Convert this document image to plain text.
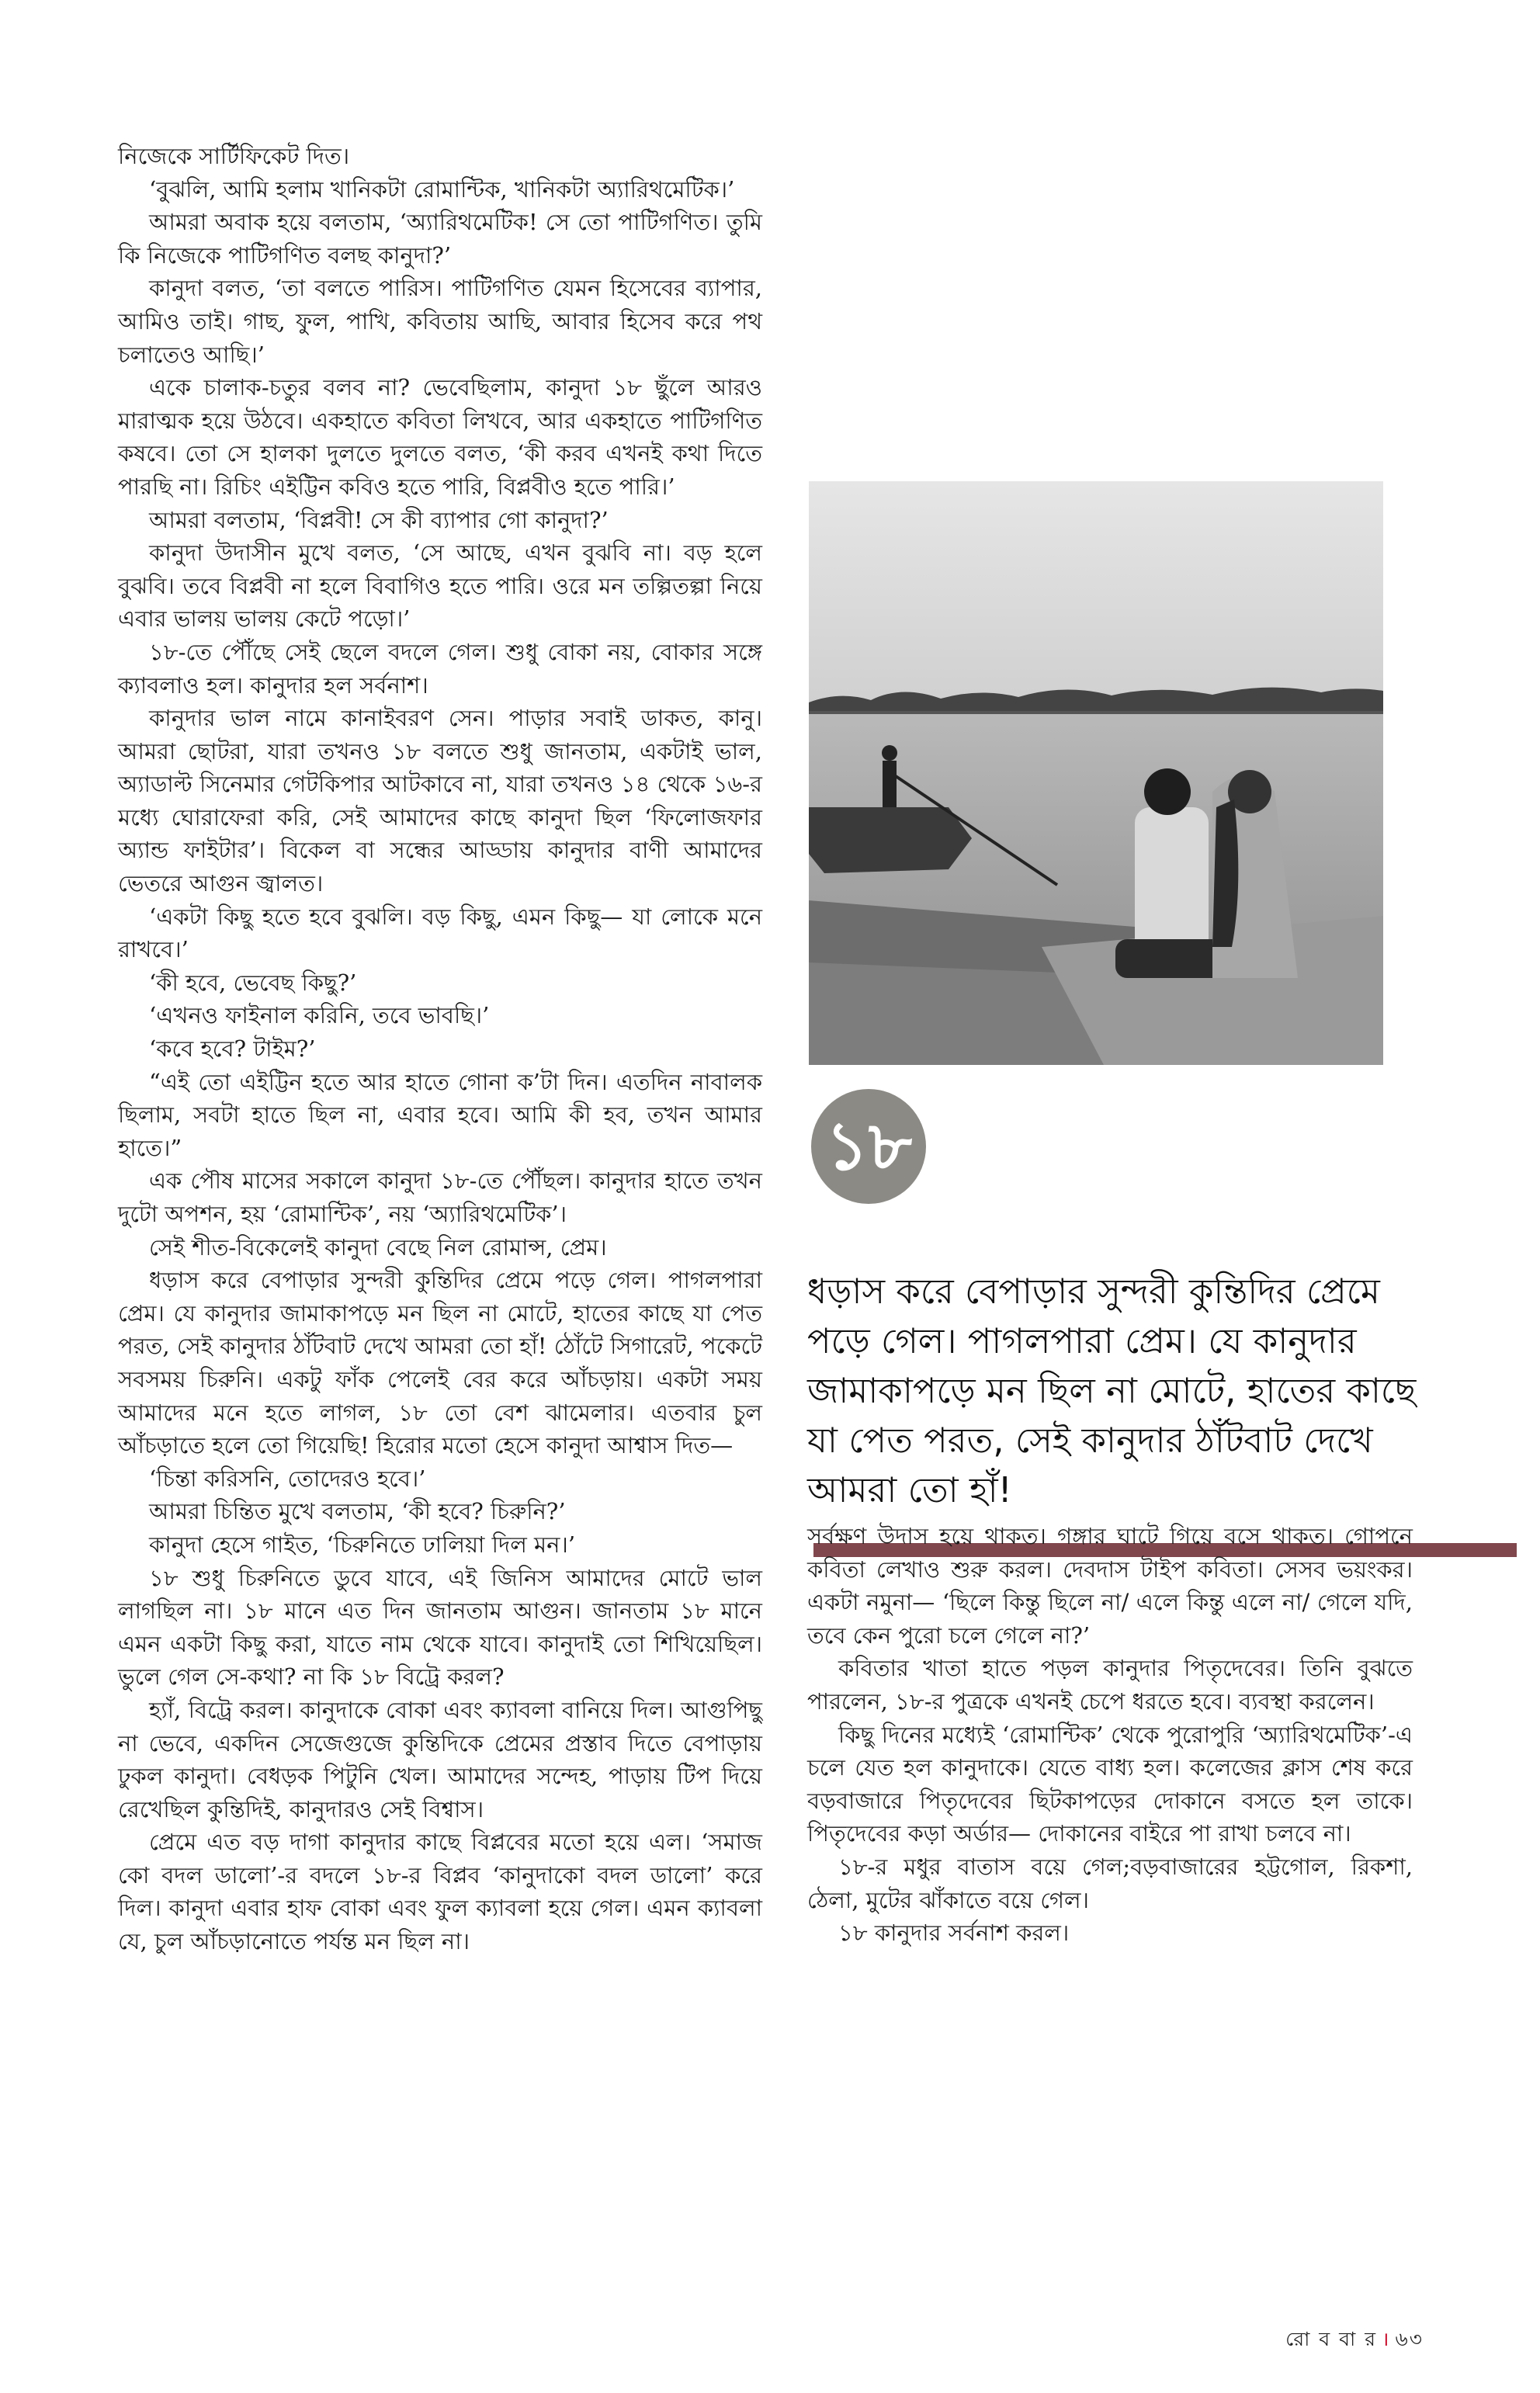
নিজেকে সার্টিফিকেট দিত।

‘বুঝলি, আমি হলাম খানিকটা রোমান্টিক, খানিকটা অ্যারিথমেটিক।’

আমরা অবাক হয়ে বলতাম, ‘অ্যারিথমেটিক! সে তো পাটিগণিত। তুমি কি নিজেকে পাটিগণিত বলছ কানুদা?’

কানুদা বলত, ‘তা বলতে পারিস। পাটিগণিত যেমন হিসেবের ব্যাপার, আমিও তাই। গাছ, ফুল, পাখি, কবিতায় আছি, আবার হিসেব করে পথ চলাতেও আছি।’

একে চালাক-চতুর বলব না? ভেবেছিলাম, কানুদা ১৮ ছুঁলে আরও মারাত্মক হয়ে উঠবে। একহাতে কবিতা লিখবে, আর একহাতে পাটিগণিত কষবে। তো সে হালকা দুলতে দুলতে বলত, ‘কী করব এখনই কথা দিতে পারছি না। রিচিং এইট্টিন কবিও হতে পারি, বিপ্লবীও হতে পারি।’

আমরা বলতাম, ‘বিপ্লবী! সে কী ব্যাপার গো কানুদা?’

কানুদা উদাসীন মুখে বলত, ‘সে আছে, এখন বুঝবি না। বড় হলে বুঝবি। তবে বিপ্লবী না হলে বিবাগিও হতে পারি। ওরে মন তল্পিতল্পা নিয়ে এবার ভালয় ভালয় কেটে পড়ো।’

১৮-তে পৌঁছে সেই ছেলে বদলে গেল। শুধু বোকা নয়, বোকার সঙ্গে ক্যাবলাও হল। কানুদার হল সর্বনাশ।

কানুদার ভাল নামে কানাইবরণ সেন। পাড়ার সবাই ডাকত, কানু। আমরা ছোটরা, যারা তখনও ১৮ বলতে শুধু জানতাম, একটাই ভাল, অ্যাডাল্ট সিনেমার গেটকিপার আটকাবে না, যারা তখনও ১৪ থেকে ১৬-র মধ্যে ঘোরাফেরা করি, সেই আমাদের কাছে কানুদা ছিল ‘ফিলোজফার অ্যান্ড ফাইটার’। বিকেল বা সন্ধের আড্ডায় কানুদার বাণী আমাদের ভেতরে আগুন জ্বালত।

‘একটা কিছু হতে হবে বুঝলি। বড় কিছু, এমন কিছু— যা লোকে মনে রাখবে।’

‘কী হবে, ভেবেছ কিছু?’

‘এখনও ফাইনাল করিনি, তবে ভাবছি।’

‘কবে হবে? টাইম?’

“এই তো এইট্টিন হতে আর হাতে গোনা ক’টা দিন। এতদিন নাবালক ছিলাম, সবটা হাতে ছিল না, এবার হবে। আমি কী হব, তখন আমার হাতে।”

এক পৌষ মাসের সকালে কানুদা ১৮-তে পৌঁছল। কানুদার হাতে তখন দুটো অপশন, হয় ‘রোমান্টিক’, নয় ‘অ্যারিথমেটিক’।

সেই শীত-বিকেলেই কানুদা বেছে নিল রোমান্স, প্রেম।

ধড়াস করে বেপাড়ার সুন্দরী কুন্তিদির প্রেমে পড়ে গেল। পাগলপারা প্রেম। যে কানুদার জামাকাপড়ে মন ছিল না মোটে, হাতের কাছে যা পেত পরত, সেই কানুদার ঠাঁটবাট দেখে আমরা তো হাঁ! ঠোঁটে সিগারেট, পকেটে সবসময় চিরুনি। একটু ফাঁক পেলেই বের করে আঁচড়ায়। একটা সময় আমাদের মনে হতে লাগল, ১৮ তো বেশ ঝামেলার। এতবার চুল আঁচড়াতে হলে তো গিয়েছি! হিরোর মতো হেসে কানুদা আশ্বাস দিত—

‘চিন্তা করিসনি, তোদেরও হবে।’

আমরা চিন্তিত মুখে বলতাম, ‘কী হবে? চিরুনি?’

কানুদা হেসে গাইত, ‘চিরুনিতে ঢালিয়া দিল মন।’

১৮ শুধু চিরুনিতে ডুবে যাবে, এই জিনিস আমাদের মোটে ভাল লাগছিল না। ১৮ মানে এত দিন জানতাম আগুন। জানতাম ১৮ মানে এমন একটা কিছু করা, যাতে নাম থেকে যাবে। কানুদাই তো শিখিয়েছিল। ভুলে গেল সে-কথা? না কি ১৮ বিট্রে করল?

হ্যাঁ, বিট্রে করল। কানুদাকে বোকা এবং ক্যাবলা বানিয়ে দিল। আগুপিছু না ভেবে, একদিন সেজেগুজে কুন্তিদিকে প্রেমের প্রস্তাব দিতে বেপাড়ায় ঢুকল কানুদা। বেধড়ক পিটুনি খেল। আমাদের সন্দেহ, পাড়ায় টিপ দিয়ে রেখেছিল কুন্তিদিই, কানুদারও সেই বিশ্বাস।

প্রেমে এত বড় দাগা কানুদার কাছে বিপ্লবের মতো হয়ে এল। ‘সমাজ কো বদল ডালো’-র বদলে ১৮-র বিপ্লব ‘কানুদাকো বদল ডালো’ করে দিল। কানুদা এবার হাফ বোকা এবং ফুল ক্যাবলা হয়ে গেল। এমন ক্যাবলা যে, চুল আঁচড়ানোতে পর্যন্ত মন ছিল না।

১৮
ধড়াস করে বেপাড়ার সুন্দরী কুন্তিদির প্রেমে পড়ে গেল। পাগলপারা প্রেম। যে কানুদার জামাকাপড়ে মন ছিল না মোটে, হাতের কাছে যা পেত পরত, সেই কানুদার ঠাঁটবাট দেখে আমরা তো হাঁ!

সর্বক্ষণ উদাস হয়ে থাকত। গঙ্গার ঘাটে গিয়ে বসে থাকত। গোপনে কবিতা লেখাও শুরু করল। দেবদাস টাইপ কবিতা। সেসব ভয়ংকর। একটা নমুনা— ‘ছিলে কিন্তু ছিলে না/ এলে কিন্তু এলে না/ গেলে যদি, তবে কেন পুরো চলে গেলে না?’

কবিতার খাতা হাতে পড়ল কানুদার পিতৃদেবের। তিনি বুঝতে পারলেন, ১৮-র পুত্রকে এখনই চেপে ধরতে হবে। ব্যবস্থা করলেন।

কিছু দিনের মধ্যেই ‘রোমান্টিক’ থেকে পুরোপুরি ‘অ্যারিথমেটিক’-এ চলে যেত হল কানুদাকে। যেতে বাধ্য হল। কলেজের ক্লাস শেষ করে বড়বাজারে পিতৃদেবের ছিটকাপড়ের দোকানে বসতে হল তাকে। পিতৃদেবের কড়া অর্ডার— দোকানের বাইরে পা রাখা চলবে না।

১৮-র মধুর বাতাস বয়ে গেল;বড়বাজারের হট্টগোল, রিকশা, ঠেলা, মুটের ঝাঁকাতে বয়ে গেল।

১৮ কানুদার সর্বনাশ করল।

রো ব বা র । ৬৩
